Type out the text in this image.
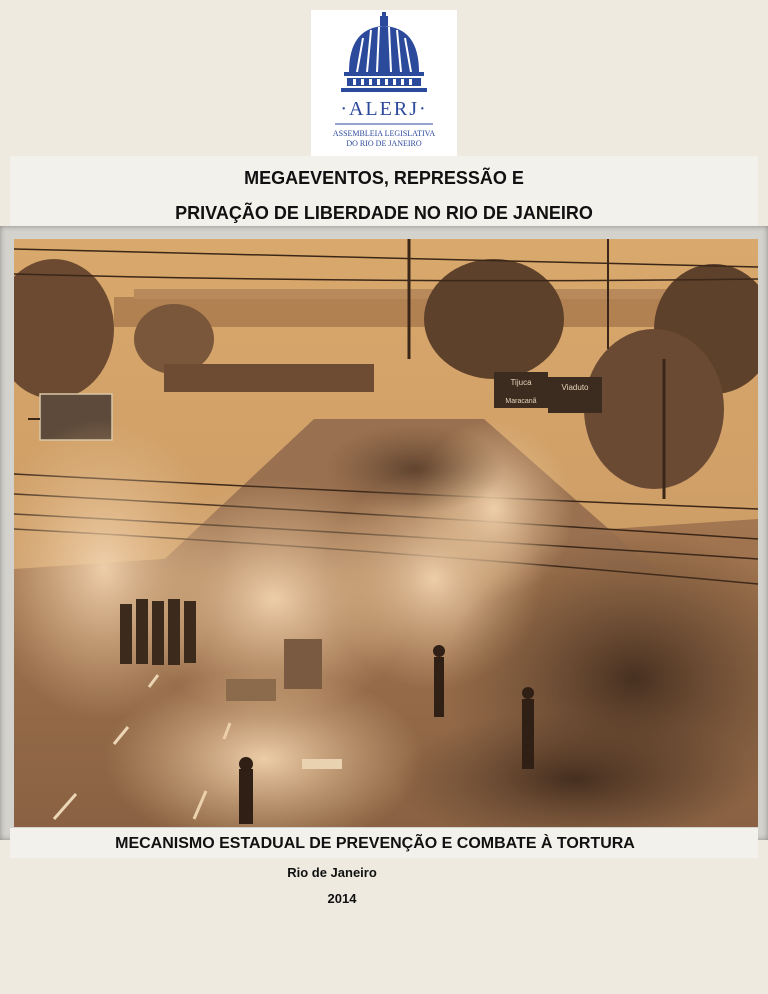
·ALERJ·
ASSEMBLEIA LEGISLATIVA
DO RIO DE JANEIRO
MEGAEVENTOS, REPRESSÃO E
PRIVAÇÃO DE LIBERDADE NO RIO DE JANEIRO
Tijuca
Viaduto
Maracanã
MECANISMO ESTADUAL DE PREVENÇÃO E COMBATE À TORTURA
Rio de Janeiro
2014
